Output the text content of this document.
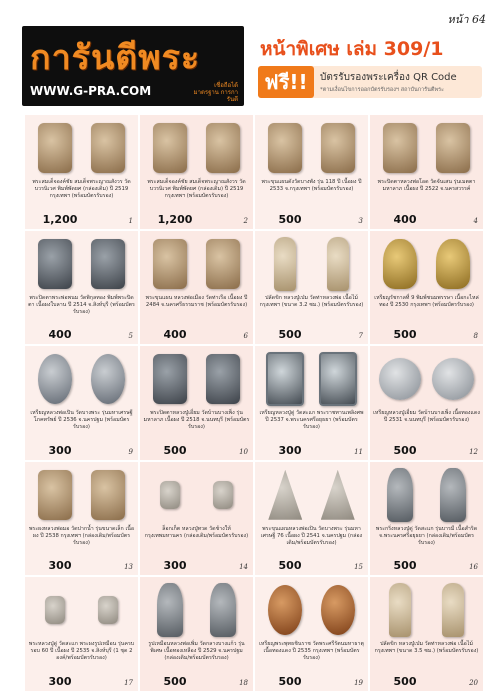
หน้า 64
การันตีพระ
WWW.G-PRA.COM	เชื่อถือได้ มาตรฐาน การการันตี
หน้าพิเศษ เล่ม 309/1
ฟรี!!	บัตรรับรองพระเครื่อง QR Code
*ตามเงื่อนไขการออกบัตรรับรองฯ สถาบันการันตีพระ
พระสมเด็จองค์ชัย สมเด็จพระญาณสังวร วัดบวรนิเวศ พิมพ์พัดยศ (กล่องเดิม) ปี 2519 กรุงเทพฯ (พร้อมบัตรรับรอง)
1,200	1
พระสมเด็จองค์ชัย สมเด็จพระญาณสังวร วัดบวรนิเวศ พิมพ์พัดยศ (กล่องเดิม) ปี 2519 กรุงเทพฯ (พร้อมบัตรรับรอง)
1,200	2
พระขุนแผนดังวัดบางพัง รุ่น 118 ปี เนื้อผง ปี 2533 จ.กรุงเทพฯ (พร้อมบัตรรับรอง)
500	3
พระปิดตาหลวงพ่อโอด วัดจันเสน รุ่นเมตตามหาลาภ เนื้อผง ปี 2522 จ.นครสวรรค์
400	4
พระปิดตาพระพ่อพนม วัดพิกุลทอง พิมพ์พระปิดตา เนื้อผงใบลาน ปี 2514 จ.สิงห์บุรี (พร้อมบัตรรับรอง)
400	5
พระขุนแผน หลวงพ่อเมือง วัดท่าเรือ เนื้อผง ปี 2484 จ.นครศรีธรรมราช (พร้อมบัตรรับรอง)
400	6
ปลัดขิก หลวงปู่เบ๋ม วัดท่าหลวงพ่อ เนื้อไม้ กรุงเทพฯ (ขนาด 3.2 ซม.) (พร้อมบัตรรับรอง)
500	7
เหรียญรัชกาลที่ 9 พิมพ์ชนมพรรษา เนื้อกะไหล่ทอง ปี 2530 กรุงเทพฯ (พร้อมบัตรรับรอง)
500	8
เหรียญหลวงพ่อเปิน วัดบางพระ รุ่นมหาเศรษฐีโภคทรัพย์ ปี 2536 จ.นครปฐม (พร้อมบัตรรับรอง)
300	9
พระปิดตาหลวงปู่เอี่ยม วัดบ้านบางเพ็ง รุ่นมหาลาภ เนื้อผง ปี 2518 จ.นนทบุรี (พร้อมบัตรรับรอง)
500	10
เหรียญหลวงปู่ดู่ วัดสะแก พระราชทานเพลิงศพ ปี 2537 จ.พระนครศรีอยุธยา (พร้อมบัตรรับรอง)
300	11
เหรียญหลวงปู่เอี่ยม วัดบ้านบางเพ็ง เนื้อทองแดง ปี 2531 จ.นนทบุรี (พร้อมบัตรรับรอง)
500	12
พระผงหลวงพ่อมอ วัดปากน้ำ รุ่นขนาดเล็ก เนื้อผง ปี 2538 กรุงเทพฯ (กล่องเดิม/พร้อมบัตรรับรอง)
300	13
ล็อกเก็ต หลวงปู่ทวด วัดช้างให้ กรุงเทพมหานคร (กล่องเดิม/พร้อมบัตรรับรอง)
300	14
พระขุนแผนหลวงพ่อเปิน วัดบางพระ รุ่นมหาเศรษฐี 76 เนื้อผง ปี 2541 จ.นครปฐม (กล่องเดิม/พร้อมบัตรรับรอง)
500	15
พระกริ่งหลวงปู่ดู่ วัดสะแก รุ่นบารมี เนื้อสำริด จ.พระนครศรีอยุธยา (กล่องเดิม/พร้อมบัตรรับรอง)
500	16
พระหลวงปู่ดู่ วัดสะแก พระผงรูปเหมือน รุ่นครบรอบ 60 ปี เนื้อผง ปี 2535 จ.สิงห์บุรี (1 ชุด 2 องค์/พร้อมบัตรรับรอง)
300	17
รูปเหมือนหลวงพ่อเพิ่ม วัดกลางบางแก้ว รุ่นพิเศษ เนื้อทองเหลือง ปี 2529 จ.นครปฐม (กล่องเดิม/พร้อมบัตรรับรอง)
500	18
เหรียญพระพุทธชินราช วัดพระศรีรัตนมหาธาตุ เนื้อทองแดง ปี 2535 กรุงเทพฯ (พร้อมบัตรรับรอง)
500	19
ปลัดขิก หลวงปู่เบ๋ม วัดท่าหลวงพ่อ เนื้อไม้ กรุงเทพฯ (ขนาด 3.5 ซม.) (พร้อมบัตรรับรอง)
500	20
